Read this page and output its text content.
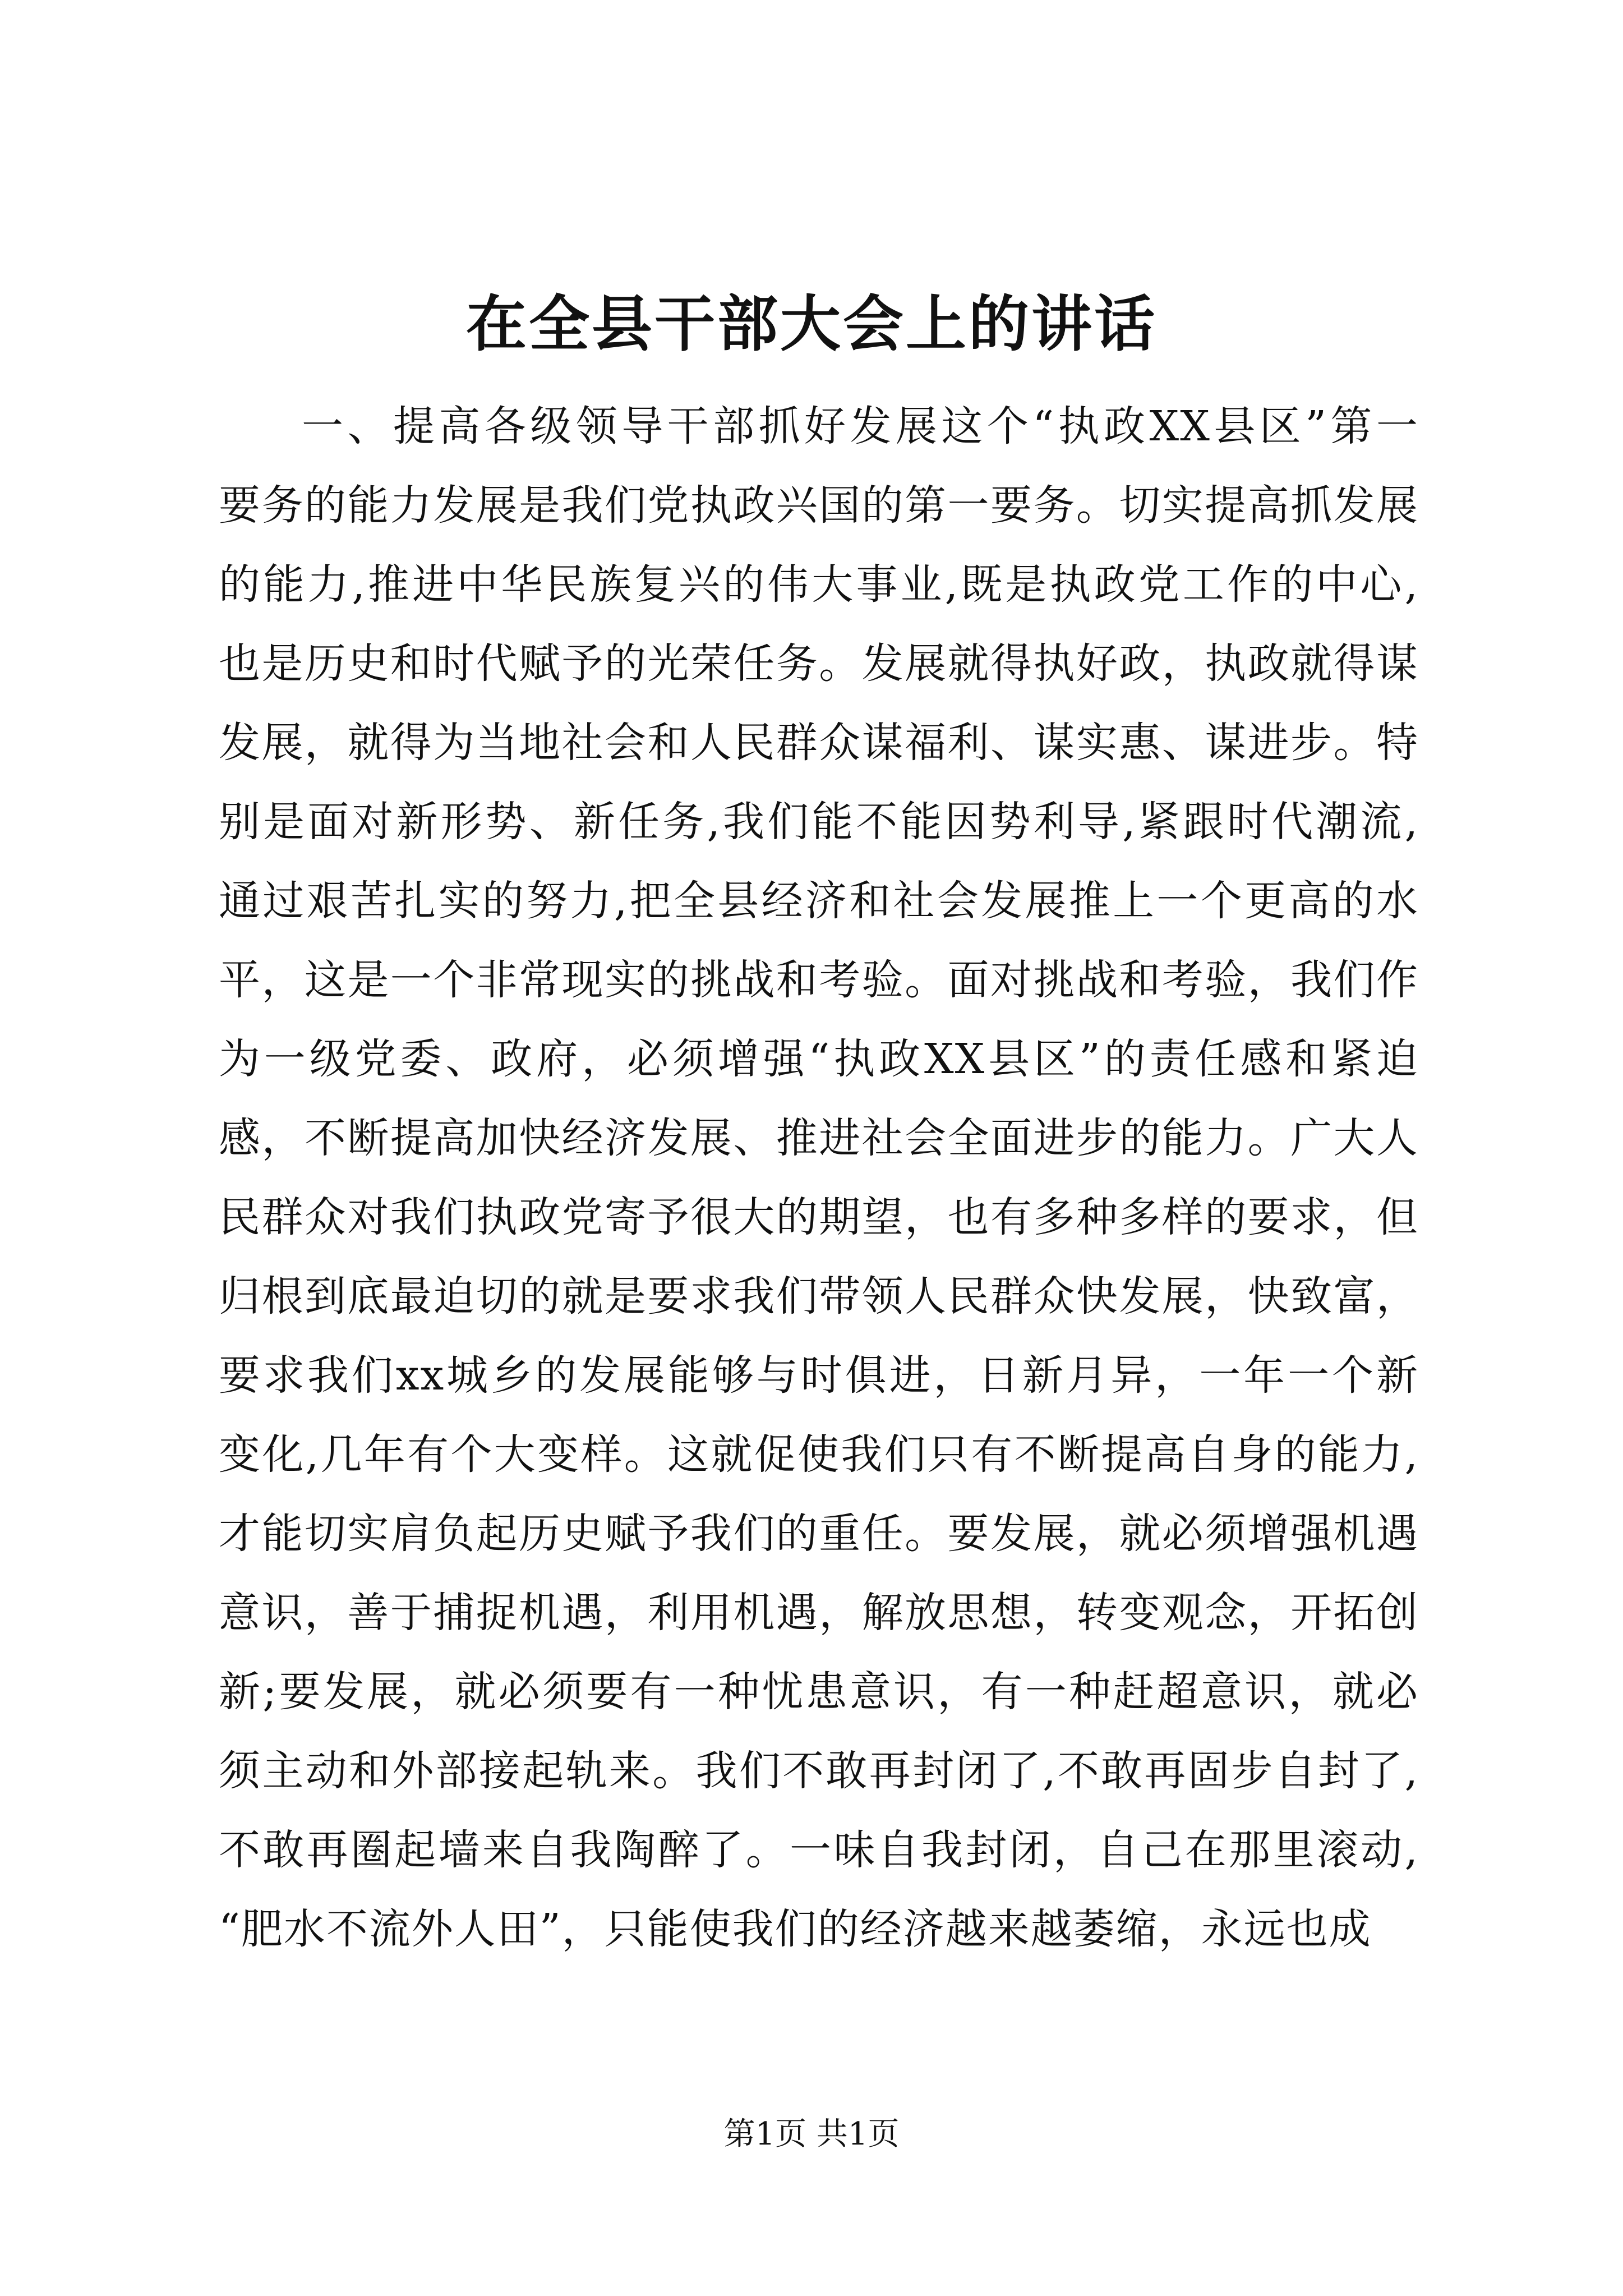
在全县干部大会上的讲话
一、提高各级领导干部抓好发展这个“执政XX县区”第一
要务的能力发展是我们党执政兴国的第一要务。切实提高抓发展
的能力,推进中华民族复兴的伟大事业,既是执政党工作的中心,
也是历史和时代赋予的光荣任务。发展就得执好政，执政就得谋
发展，就得为当地社会和人民群众谋福利、谋实惠、谋进步。特
别是面对新形势、新任务,我们能不能因势利导,紧跟时代潮流,
通过艰苦扎实的努力,把全县经济和社会发展推上一个更高的水
平，这是一个非常现实的挑战和考验。面对挑战和考验，我们作
为一级党委、政府，必须增强“执政XX县区”的责任感和紧迫
感，不断提高加快经济发展、推进社会全面进步的能力。广大人
民群众对我们执政党寄予很大的期望，也有多种多样的要求，但
归根到底最迫切的就是要求我们带领人民群众快发展，快致富，
要求我们xx城乡的发展能够与时俱进，日新月异，一年一个新
变化,几年有个大变样。这就促使我们只有不断提高自身的能力,
才能切实肩负起历史赋予我们的重任。要发展，就必须增强机遇
意识，善于捕捉机遇，利用机遇，解放思想，转变观念，开拓创
新;要发展，就必须要有一种忧患意识，有一种赶超意识，就必
须主动和外部接起轨来。我们不敢再封闭了,不敢再固步自封了,
不敢再圈起墙来自我陶醉了。一味自我封闭，自己在那里滚动,
“肥水不流外人田”，只能使我们的经济越来越萎缩，永远也成
第1页 共1页
